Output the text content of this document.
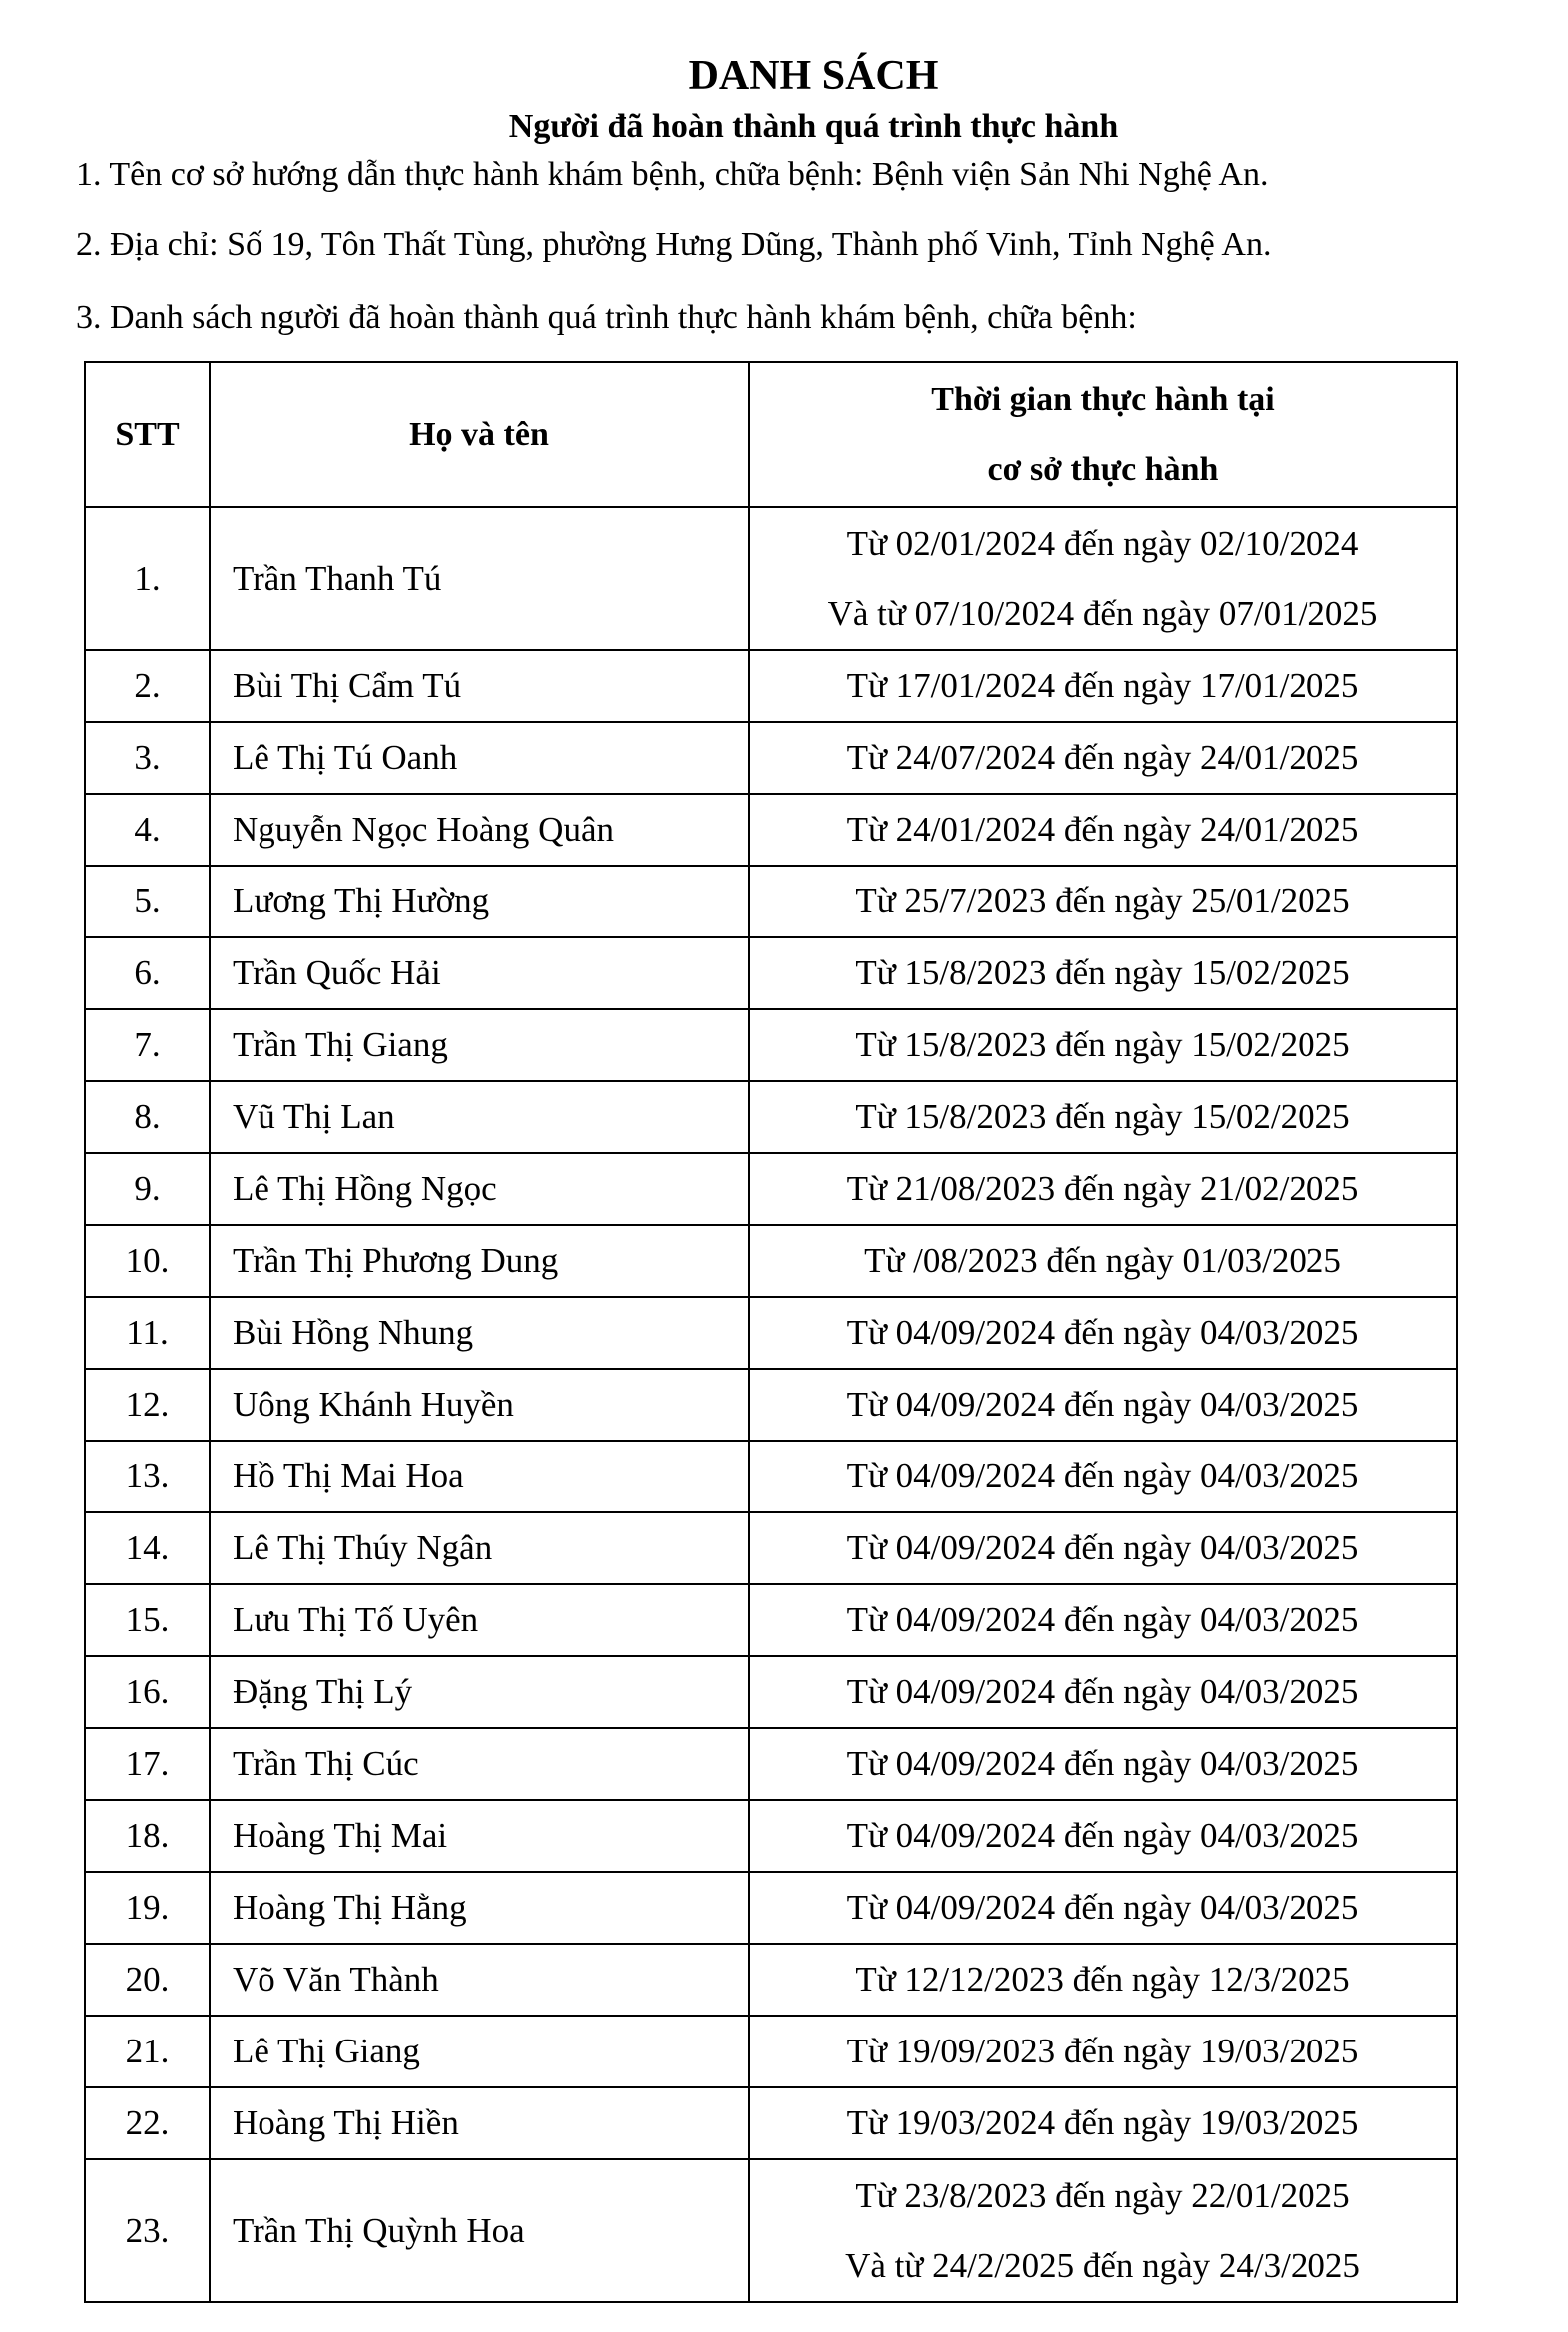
DANH SÁCH
Người đã hoàn thành quá trình thực hành
1. Tên cơ sở hướng dẫn thực hành khám bệnh, chữa bệnh: Bệnh viện Sản Nhi Nghệ An.
2. Địa chỉ: Số 19, Tôn Thất Tùng, phường Hưng Dũng, Thành phố Vinh, Tỉnh Nghệ An.
3. Danh sách người đã hoàn thành quá trình thực hành khám bệnh, chữa bệnh:
STT	Họ và tên	Thời gian thực hành tại
cơ sở thực hành

1.	Trần Thanh Tú	Từ 02/01/2024 đến ngày 02/10/2024
Và từ 07/10/2024 đến ngày 07/01/2025

2.	Bùi Thị Cẩm Tú	Từ 17/01/2024 đến ngày 17/01/2025
3.	Lê Thị Tú Oanh	Từ 24/07/2024 đến ngày 24/01/2025
4.	Nguyễn Ngọc Hoàng Quân	Từ 24/01/2024 đến ngày 24/01/2025
5.	Lương Thị Hường	Từ 25/7/2023 đến ngày 25/01/2025
6.	Trần Quốc Hải	Từ 15/8/2023 đến ngày 15/02/2025
7.	Trần Thị Giang	Từ 15/8/2023 đến ngày 15/02/2025
8.	Vũ Thị Lan	Từ 15/8/2023 đến ngày 15/02/2025
9.	Lê Thị Hồng Ngọc	Từ 21/08/2023 đến ngày 21/02/2025
10.	Trần Thị Phương Dung	Từ /08/2023 đến ngày 01/03/2025
11.	Bùi Hồng Nhung	Từ 04/09/2024 đến ngày 04/03/2025
12.	Uông Khánh Huyền	Từ 04/09/2024 đến ngày 04/03/2025
13.	Hồ Thị Mai Hoa	Từ 04/09/2024 đến ngày 04/03/2025
14.	Lê Thị Thúy Ngân	Từ 04/09/2024 đến ngày 04/03/2025
15.	Lưu Thị Tố Uyên	Từ 04/09/2024 đến ngày 04/03/2025
16.	Đặng Thị Lý	Từ 04/09/2024 đến ngày 04/03/2025
17.	Trần Thị Cúc	Từ 04/09/2024 đến ngày 04/03/2025
18.	Hoàng Thị Mai	Từ 04/09/2024 đến ngày 04/03/2025
19.	Hoàng Thị Hằng	Từ 04/09/2024 đến ngày 04/03/2025
20.	Võ Văn Thành	Từ 12/12/2023 đến ngày 12/3/2025
21.	Lê Thị Giang	Từ 19/09/2023 đến ngày 19/03/2025
22.	Hoàng Thị Hiền	Từ 19/03/2024 đến ngày 19/03/2025
23.	Trần Thị Quỳnh Hoa	Từ 23/8/2023 đến ngày 22/01/2025
Và từ 24/2/2025 đến ngày 24/3/2025
